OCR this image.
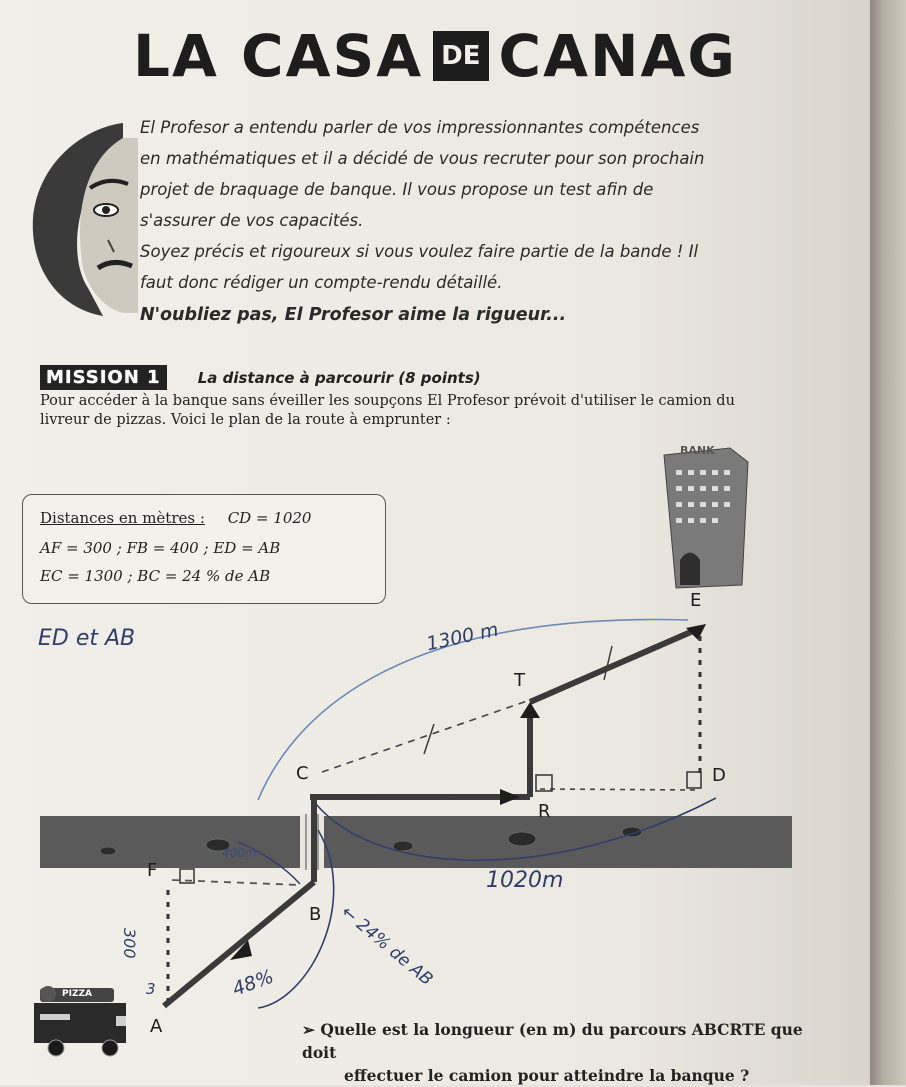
LA CASA DE CANAG

El Profesor a entendu parler de vos impressionnantes compétences

en mathématiques et il a décidé de vous recruter pour son prochain

projet de braquage de banque. Il vous propose un test afin de

s'assurer de vos capacités.

Soyez précis et rigoureux si vous voulez faire partie de la bande ! Il

faut donc rédiger un compte-rendu détaillé.

N'oubliez pas, El Profesor aime la rigueur...

MISSION 1 La distance à parcourir (8 points)

Pour accéder à la banque sans éveiller les soupçons El Profesor prévoit d'utiliser le camion du

livreur de pizzas. Voici le plan de la route à emprunter :

Distances en mètres : CD = 1020
AF = 300 ; FB = 400 ; ED = AB
EC = 1300 ; BC = 24 % de AB
BANK
PIZZA
E
T
C	D
R
F
B
A
ED et AB	1300 m
1020m
400m
← 24% de AB
48%
300
3

➢ Quelle est la longueur (en m) du parcours ABCRTE que doit

effectuer le camion pour atteindre la banque ?
